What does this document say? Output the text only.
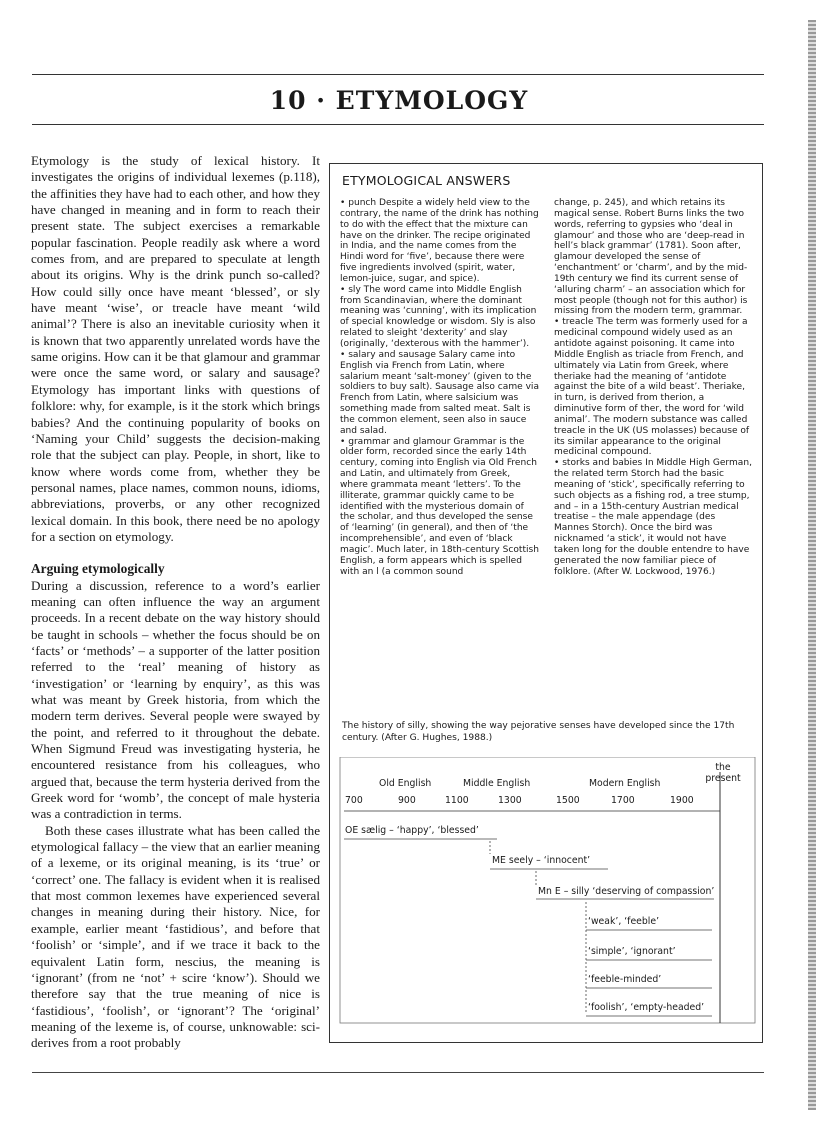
10 · ETYMOLOGY

Etymology is the study of lexical history. It investigates the origins of individual lexemes (p.118), the affinities they have had to each other, and how they have changed in meaning and in form to reach their present state. The subject exercises a remarkable popular fascination. People readily ask where a word comes from, and are prepared to speculate at length about its origins. Why is the drink punch so-called? How could silly once have meant ‘blessed’, or sly have meant ‘wise’, or treacle have meant ‘wild animal’? There is also an inevitable curiosity when it is known that two apparently unrelated words have the same origins. How can it be that glamour and grammar were once the same word, or salary and sausage? Etymology has important links with questions of folklore: why, for example, is it the stork which brings babies? And the continuing popularity of books on ‘Naming your Child’ suggests the decision-making role that the subject can play. People, in short, like to know where words come from, whether they be personal names, place names, common nouns, idioms, abbreviations, proverbs, or any other recognized lexical domain. In this book, there need be no apology for a section on etymology.

Arguing etymologically

During a discussion, reference to a word’s earlier meaning can often influence the way an argument proceeds. In a recent debate on the way history should be taught in schools – whether the focus should be on ‘facts’ or ‘methods’ – a supporter of the latter position referred to the ‘real’ meaning of history as ‘investigation’ or ‘learning by enquiry’, as this was what was meant by Greek historia, from which the modern term derives. Several people were swayed by the point, and referred to it throughout the debate. When Sigmund Freud was investigating hysteria, he encountered resistance from his colleagues, who argued that, because the term hysteria derived from the Greek word for ‘womb’, the concept of male hysteria was a contradiction in terms.

Both these cases illustrate what has been called the etymological fallacy – the view that an earlier meaning of a lexeme, or its original meaning, is its ‘true’ or ‘correct’ one. The fallacy is evident when it is realised that most common lexemes have experienced several changes in meaning during their history. Nice, for example, earlier meant ‘fastidious’, and before that ‘foolish’ or ‘simple’, and if we trace it back to the equivalent Latin form, nescius, the meaning is ‘ignorant’ (from ne ‘not’ + scire ‘know’). Should we therefore say that the true meaning of nice is ‘fastidious’, ‘foolish’, or ‘ignorant’? The ‘original’ meaning of the lexeme is, of course, unknowable: sci- derives from a root probably

ETYMOLOGICAL ANSWERS

• punch Despite a widely held view to the contrary, the name of the drink has nothing to do with the effect that the mixture can have on the drinker. The recipe originated in India, and the name comes from the Hindi word for ‘five’, because there were five ingredients involved (spirit, water, lemon-juice, sugar, and spice).

• sly The word came into Middle English from Scandinavian, where the dominant meaning was ‘cunning’, with its implication of special knowledge or wisdom. Sly is also related to sleight ‘dexterity’ and slay (originally, ‘dexterous with the hammer’).

• salary and sausage Salary came into English via French from Latin, where salarium meant ‘salt-money’ (given to the soldiers to buy salt). Sausage also came via French from Latin, where salsicium was something made from salted meat. Salt is the common element, seen also in sauce and salad.

• grammar and glamour Grammar is the older form, recorded since the early 14th century, coming into English via Old French and Latin, and ultimately from Greek, where grammata meant ‘letters’. To the illiterate, grammar quickly came to be identified with the mysterious domain of the scholar, and thus developed the sense of ‘learning’ (in general), and then of ‘the incomprehensible’, and even of ‘black magic’. Much later, in 18th-century Scottish English, a form appears which is spelled with an l (a common sound

change, p. 245), and which retains its magical sense. Robert Burns links the two words, referring to gypsies who ‘deal in glamour’ and those who are ‘deep-read in hell’s black grammar’ (1781). Soon after, glamour developed the sense of ‘enchantment’ or ‘charm’, and by the mid-19th century we find its current sense of ‘alluring charm’ – an association which for most people (though not for this author) is missing from the modern term, grammar.

• treacle The term was formerly used for a medicinal compound widely used as an antidote against poisoning. It came into Middle English as triacle from French, and ultimately via Latin from Greek, where theriake had the meaning of ‘antidote against the bite of a wild beast’. Theriake, in turn, is derived from therion, a diminutive form of ther, the word for ‘wild animal’. The modern substance was called treacle in the UK (US molasses) because of its similar appearance to the original medicinal compound.

• storks and babies In Middle High German, the related term Storch had the basic meaning of ‘stick’, specifically referring to such objects as a fishing rod, a tree stump, and – in a 15th-century Austrian medical treatise – the male appendage (des Mannes Storch). Once the bird was nicknamed ‘a stick’, it would not have taken long for the double entendre to have generated the now familiar piece of folklore. (After W. Lockwood, 1976.)

The history of silly, showing the way pejorative senses have developed since the 17th century. (After G. Hughes, 1988.)
Old English	Middle English	Modern English
the present
700	900	1100	1300	1500	1700	1900
OE sælig – ‘happy’, ‘blessed’
ME seely – ‘innocent’
Mn E – silly ‘deserving of compassion’
‘weak’, ‘feeble’
‘simple’, ‘ignorant’
‘feeble-minded’
‘foolish’, ‘empty-headed’
